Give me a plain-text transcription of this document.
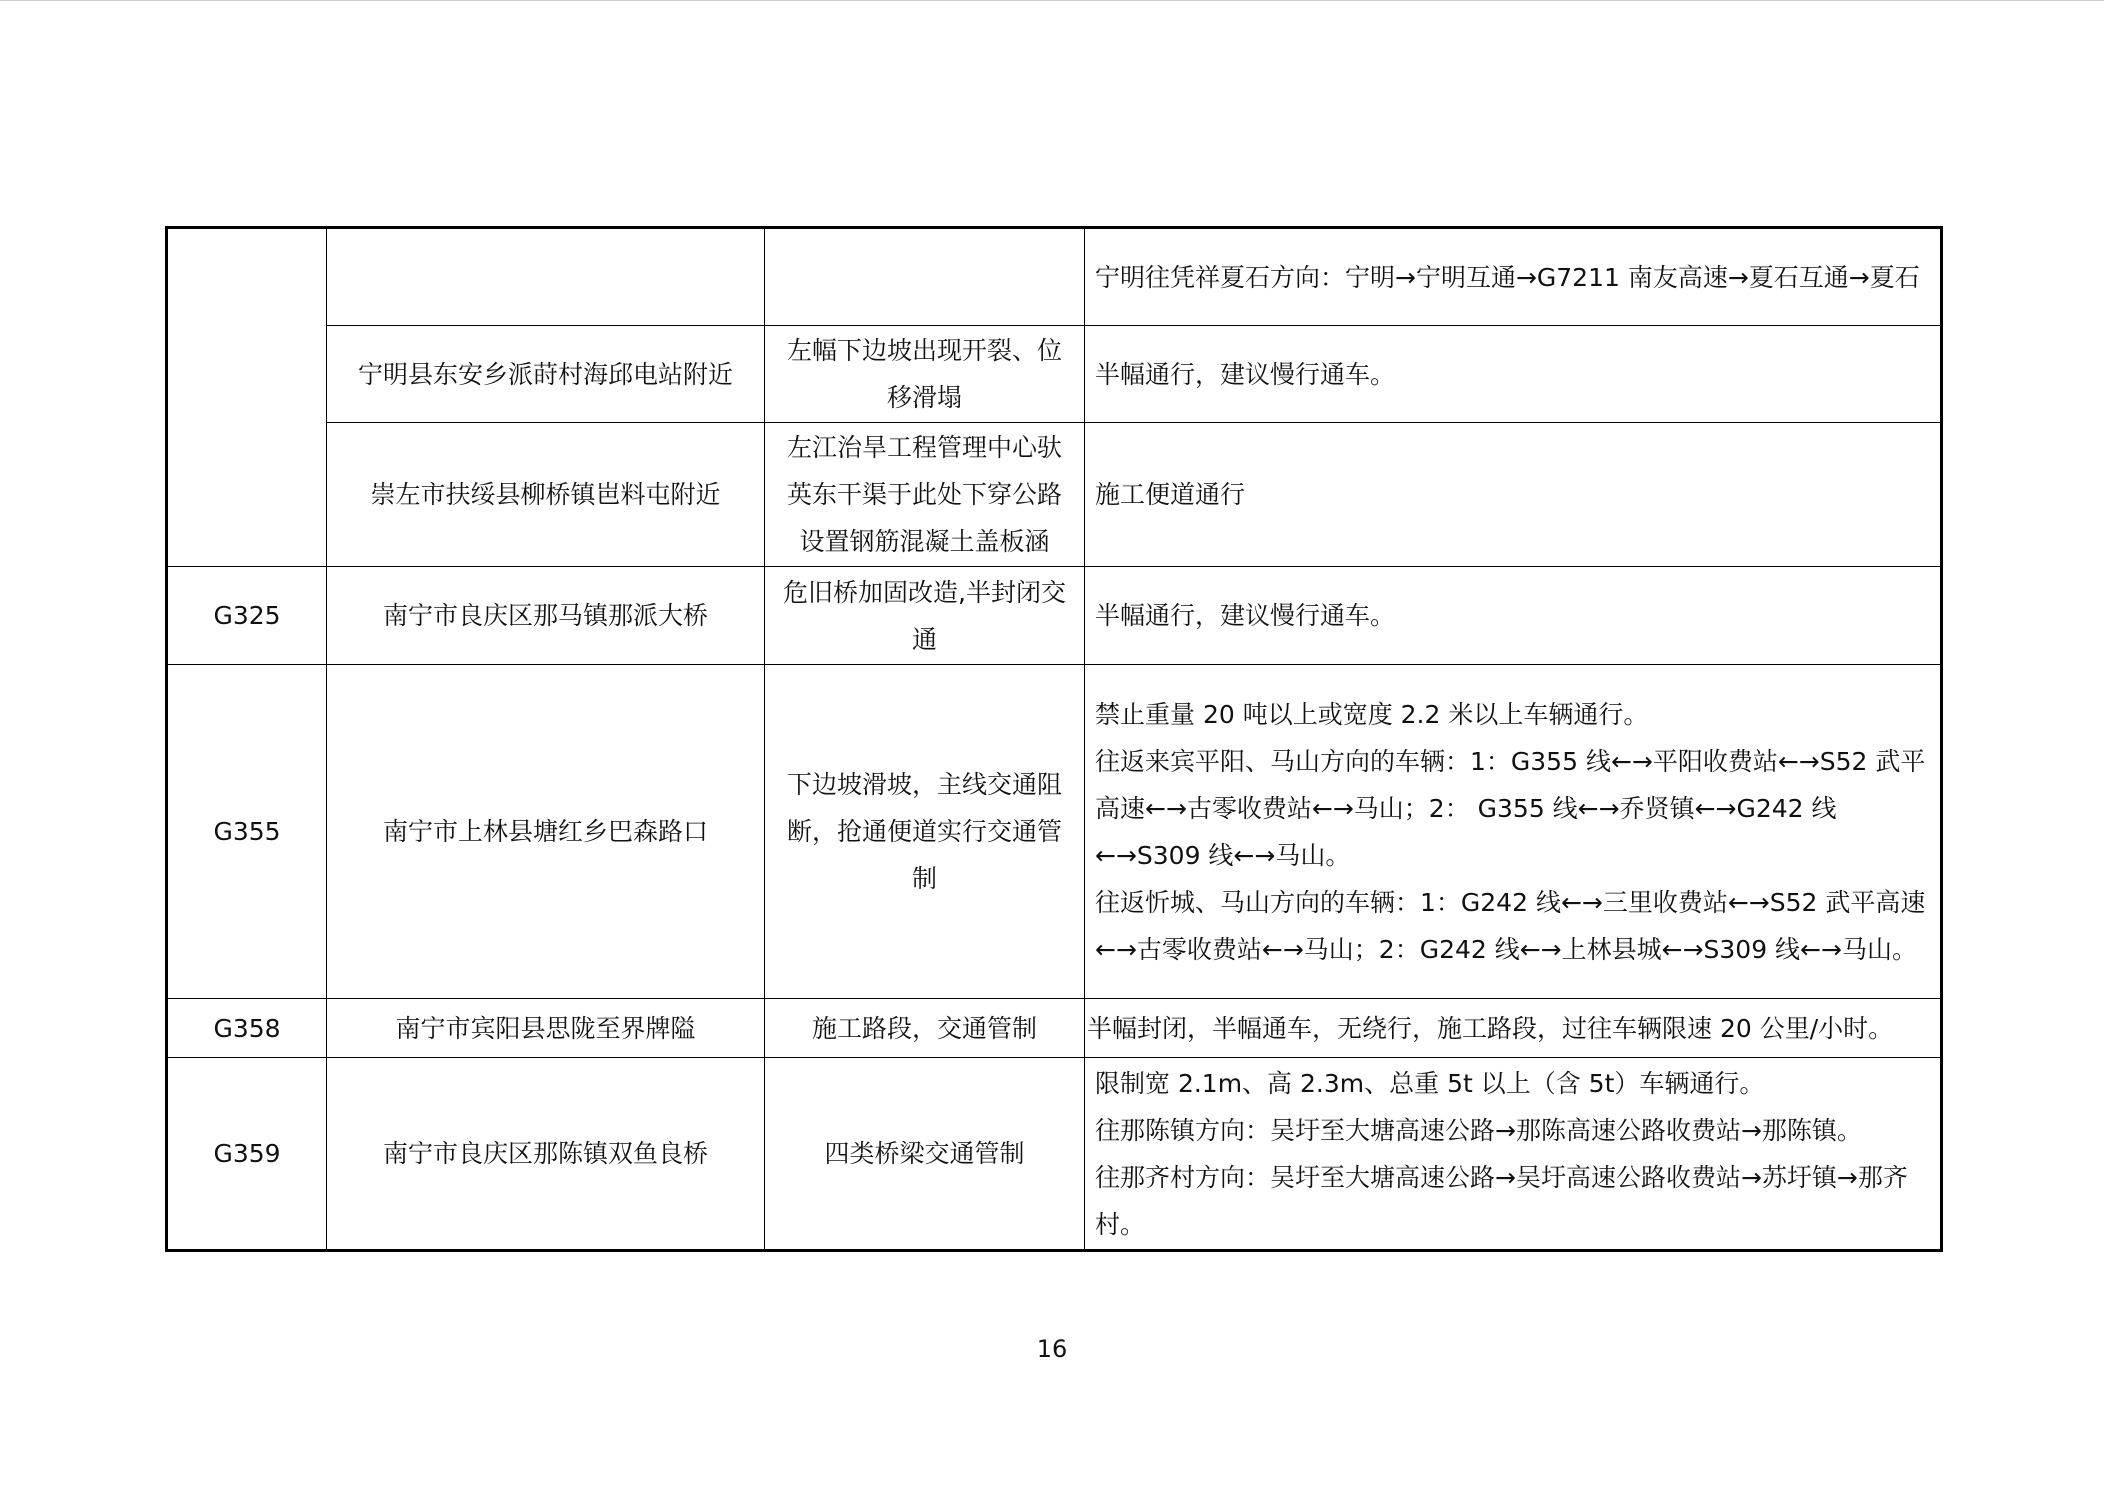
			宁明往凭祥夏石方向：宁明→宁明互通→G7211 南友高速→夏石互通→夏石

	宁明县东安乡派莳村海邱电站附近	左幅下边坡出现开裂、位移滑塌	半幅通行，建议慢行通车。

	崇左市扶绥县柳桥镇岜料屯附近	左江治旱工程管理中心驮英东干渠于此处下穿公路设置钢筋混凝土盖板涵	施工便道通行

G325	南宁市良庆区那马镇那派大桥	危旧桥加固改造,半封闭交通	半幅通行，建议慢行通车。

G355	南宁市上林县塘红乡巴森路口	下边坡滑坡，主线交通阻断，抢通便道实行交通管制	禁止重量 20 吨以上或宽度 2.2 米以上车辆通行。
往返来宾平阳、马山方向的车辆：1：G355 线←→平阳收费站←→S52 武平高速←→古零收费站←→马山；2： G355 线←→乔贤镇←→G242 线←→S309 线←→马山。
往返忻城、马山方向的车辆：1：G242 线←→三里收费站←→S52 武平高速←→古零收费站←→马山；2：G242 线←→上林县城←→S309 线←→马山。

G358	南宁市宾阳县思陇至界牌隘	施工路段，交通管制	半幅封闭，半幅通车，无绕行，施工路段，过往车辆限速 20 公里/小时。

G359	南宁市良庆区那陈镇双鱼良桥	四类桥梁交通管制	限制宽 2.1m、高 2.3m、总重 5t 以上（含 5t）车辆通行。
往那陈镇方向：吴圩至大塘高速公路→那陈高速公路收费站→那陈镇。
往那齐村方向：吴圩至大塘高速公路→吴圩高速公路收费站→苏圩镇→那齐村。
16
